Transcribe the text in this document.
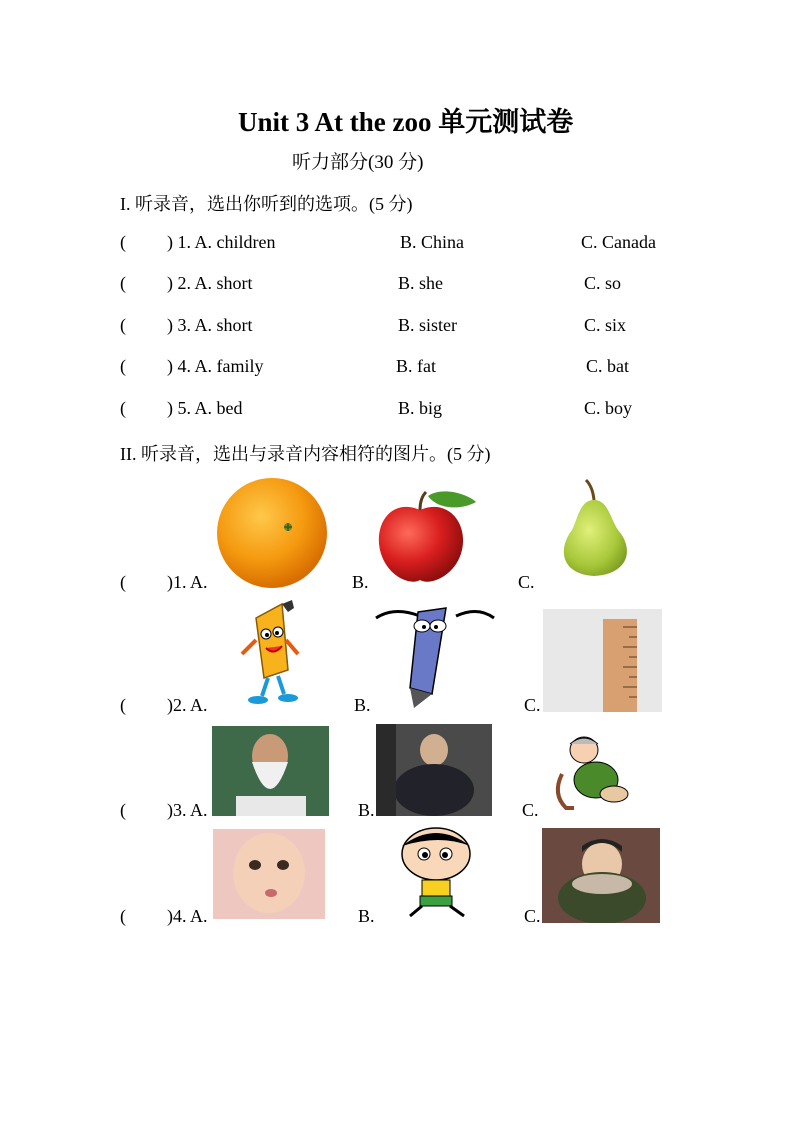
Unit 3 At the zoo 单元测试卷
听力部分(30 分)
I. 听录音，选出你听到的选项。(5 分)
( ) 1. A. children	B. China	C. Canada
( ) 2. A. short	B. she	C. so
( ) 3. A. short	B. sister	C. six
( ) 4. A. family	B. fat	C. bat
( ) 5. A. bed	B. big	C. boy
II. 听录音，选出与录音内容相符的图片。(5 分)
( )1. A.	B.	C.
( )2. A.	B.	C.
( )3. A.	B.	C.
( )4. A.	B.	C.
